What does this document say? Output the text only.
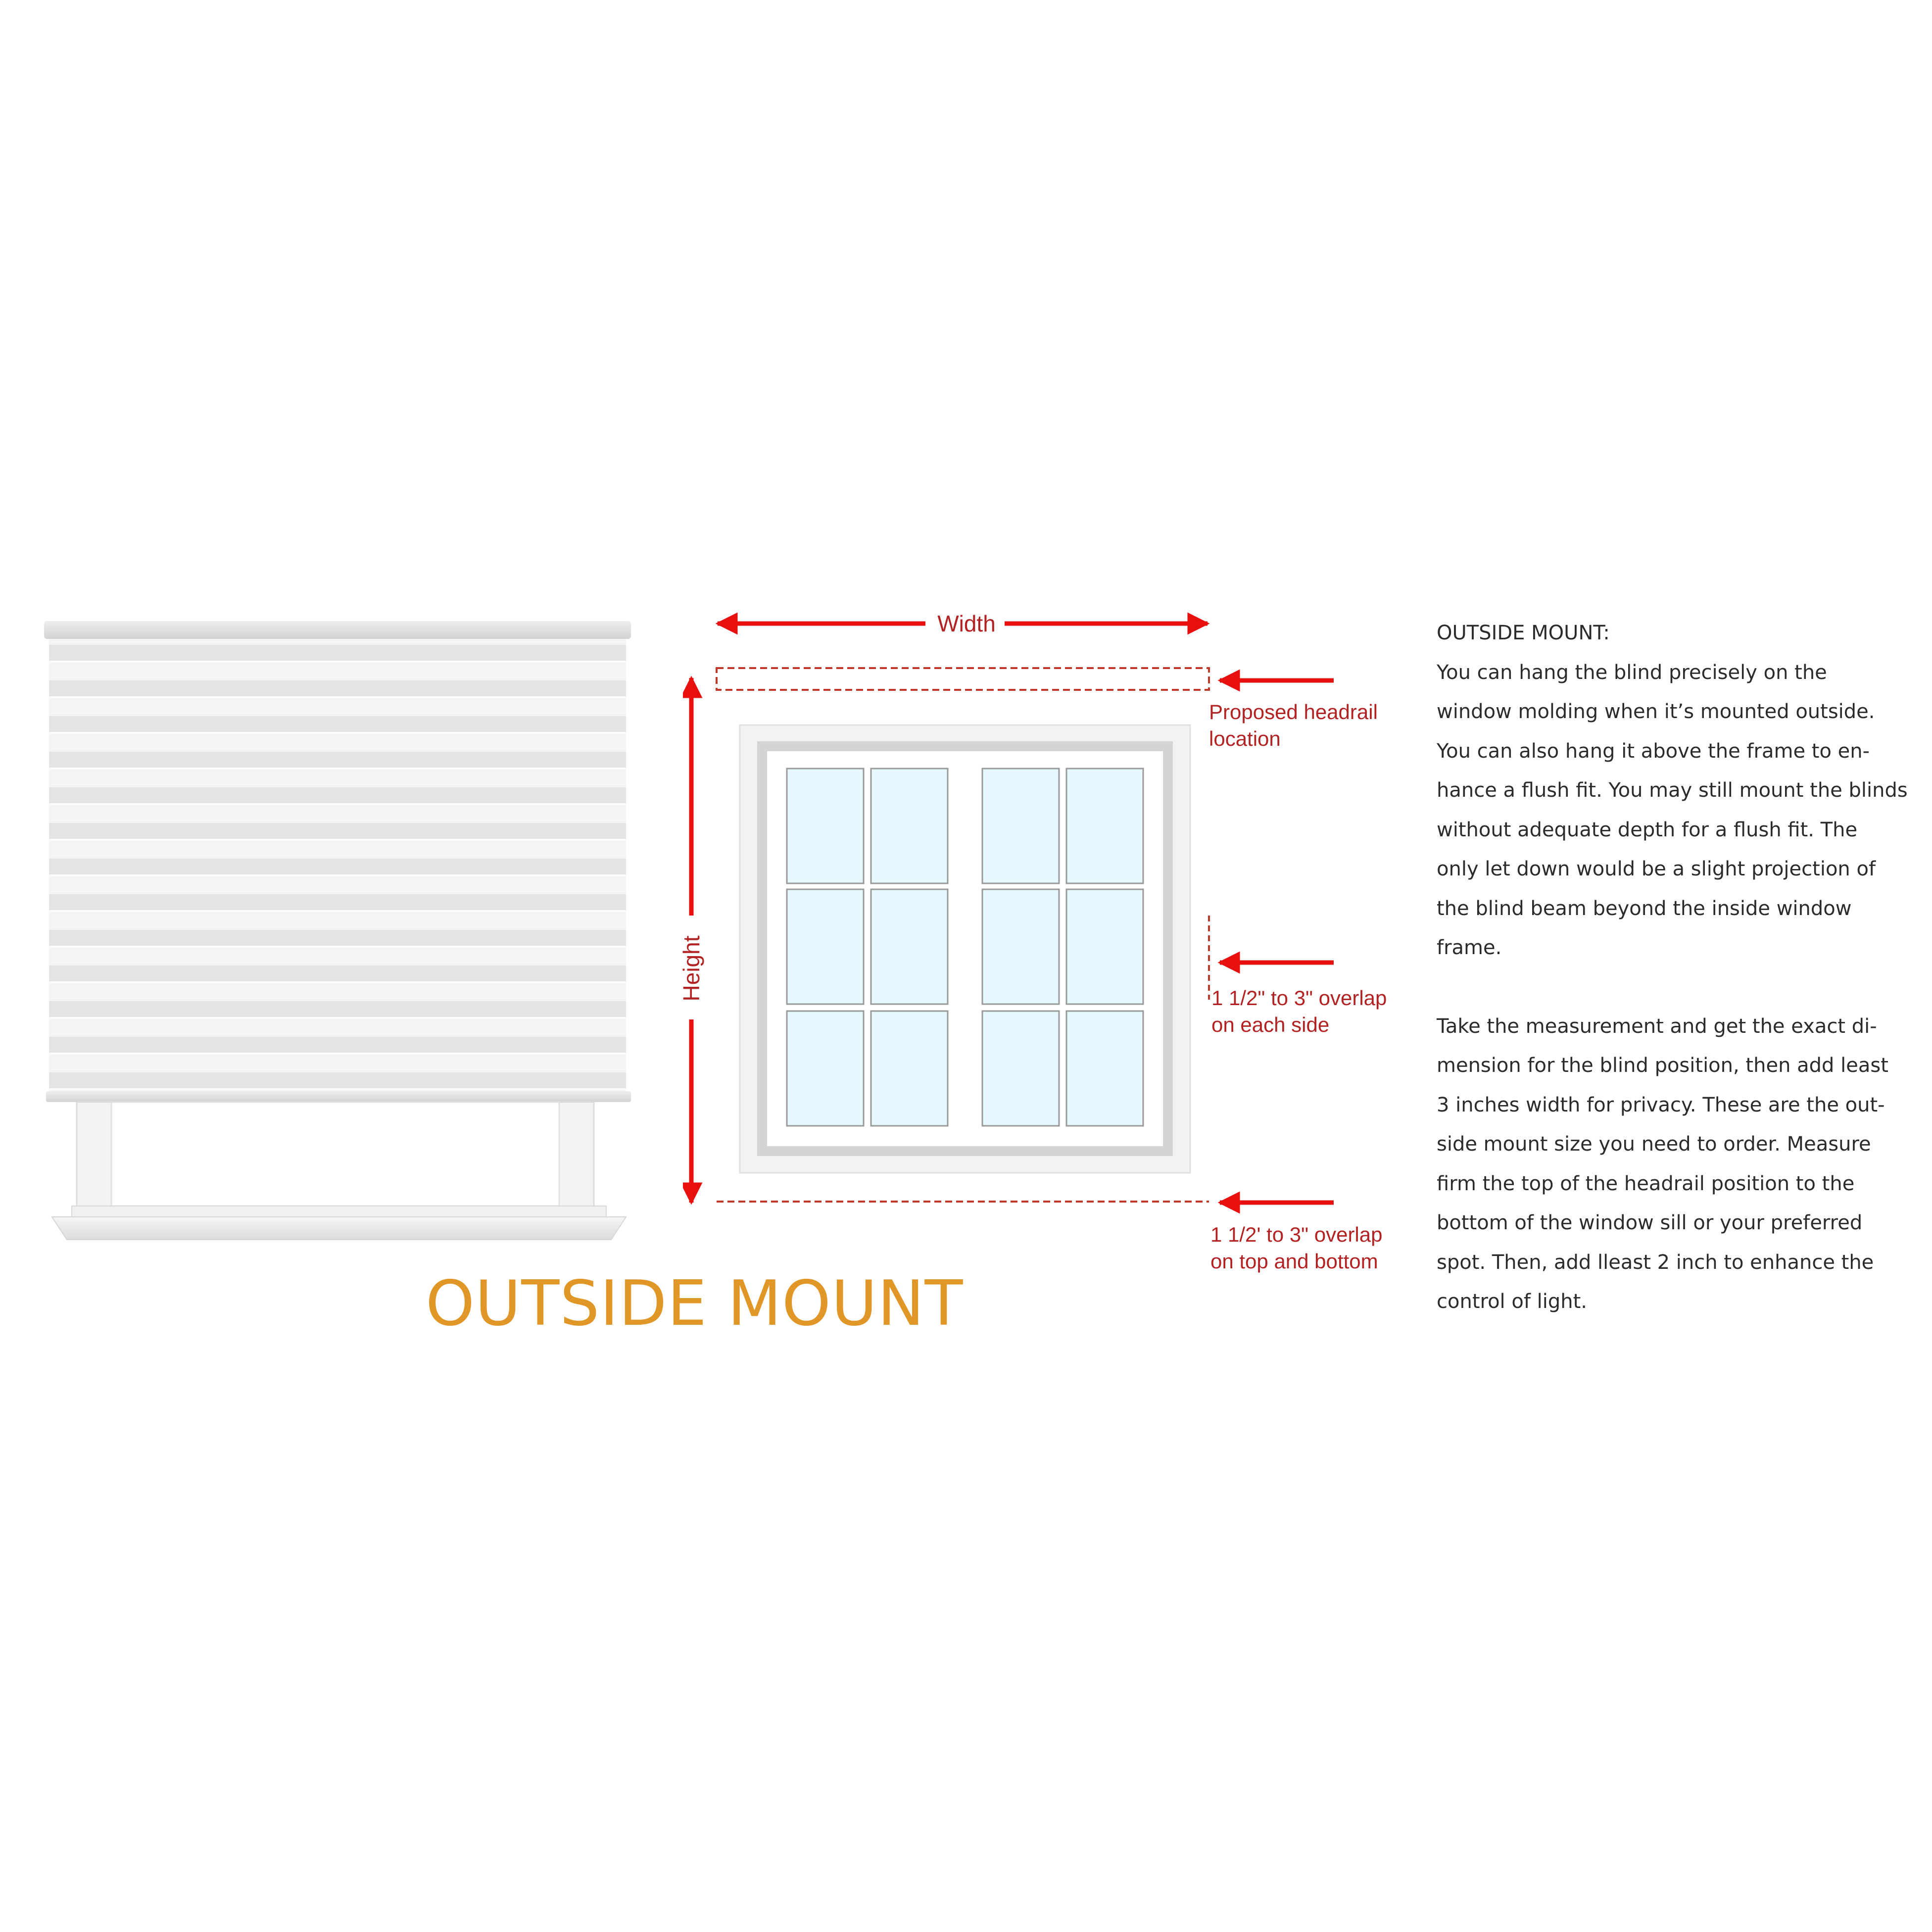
Proposed headrail
location
1 1/2" to 3" overlap
on each side
1 1/2' to 3" overlap
on top and bottom
Width
Height
OUTSIDE MOUNT

OUTSIDE MOUNT:

You can hang the blind precisely on the
window molding when it’s mounted outside.
You can also hang it above the frame to en-
hance a flush fit. You may still mount the blinds
without adequate depth for a flush fit. The
only let down would be a slight projection of
the blind beam beyond the inside window
frame.
Take the measurement and get the exact di-
mension for the blind position, then add least
3 inches width for privacy. These are the out-
side mount size you need to order. Measure
firm the top of the headrail position to the
bottom of the window sill or your preferred
spot. Then, add lleast 2 inch to enhance the
control of light.
